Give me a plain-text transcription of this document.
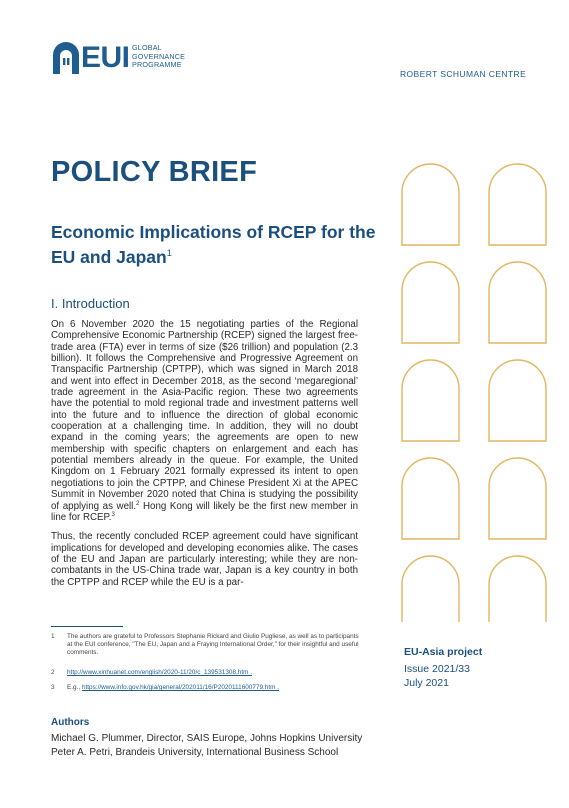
EUI GLOBAL
GOVERNANCE
PROGRAMME
ROBERT SCHUMAN CENTRE
POLICY BRIEF
Economic Implications of RCEP for the EU and Japan$^1$
I. Introduction

On 6 November 2020 the 15 negotiating parties of the Regional Comprehensive Economic Partnership (RCEP) signed the largest free-trade area (FTA) ever in terms of size ($26 trillion) and population (2.3 billion). It follows the Comprehensive and Progressive Agreement on Transpacific Partnership (CPTPP), which was signed in March 2018 and went into effect in December 2018, as the second ‘megaregional’ trade agreement in the Asia-Pacific region. These two agreements have the potential to mold regional trade and investment patterns well into the future and to influence the direction of global economic cooperation at a challenging time. In addition, they will no doubt expand in the coming years; the agreements are open to new membership with specific chapters on enlargement and each has potential members already in the queue. For example, the United Kingdom on 1 February 2021 formally expressed its intent to open negotiations to join the CPTPP, and Chinese President Xi at the APEC Summit in November 2020 noted that China is studying the possibility of applying as well.$^2$ Hong Kong will likely be the first new member in line for RCEP.$^3$

Thus, the recently concluded RCEP agreement could have significant implications for developed and developing economies alike. The cases of the EU and Japan are particularly interesting; while they are non-combatants in the US-China trade war, Japan is a key country in both the CPTPP and RCEP while the EU is a par-

1 The authors are grateful to Professors Stephanie Rickard and Giulio Pugliese, as well as to participants at the EUI conference, "The EU, Japan and a Fraying International Order," for their insightful and useful comments.
2 http://www.xinhuanet.com/english/2020-11/20/c_139531308.htm .
3 E.g., https://www.info.gov.hk/gia/general/202011/16/P2020111600779.htm .
EU-Asia project
Issue 2021/33
July 2021
Authors
Michael G. Plummer, Director, SAIS Europe, Johns Hopkins University
Peter A. Petri, Brandeis University, International Business School
